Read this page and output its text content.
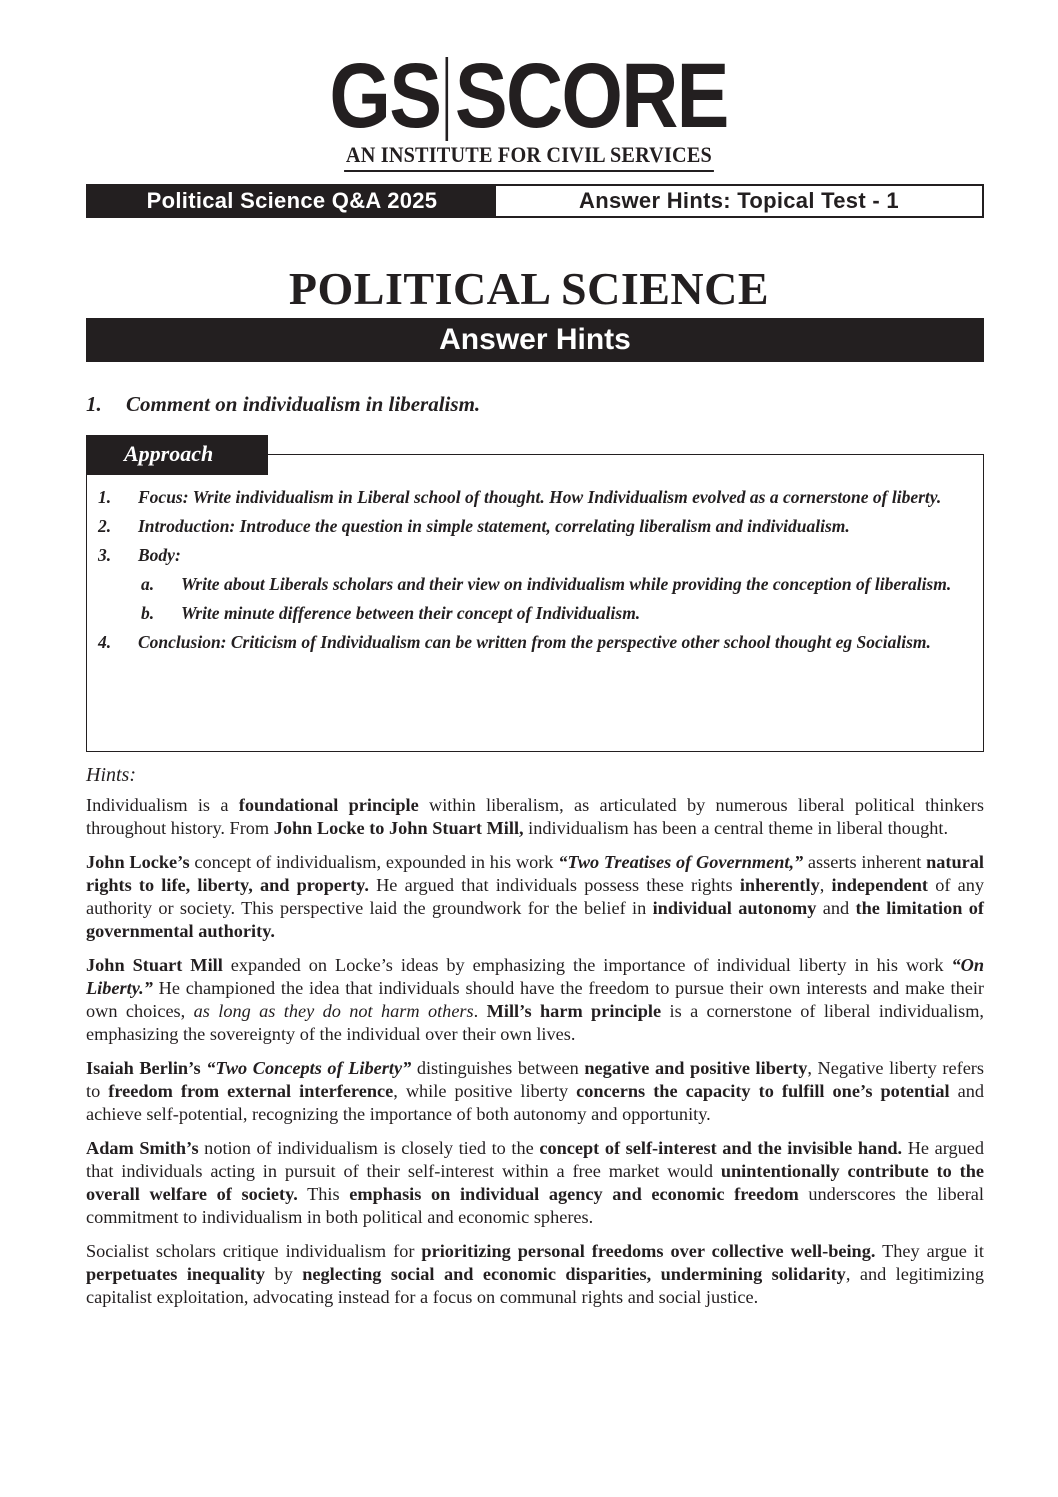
GS SCORE
AN INSTITUTE FOR CIVIL SERVICES
Political Science Q&A 2025	Answer Hints: Topical Test - 1
POLITICAL SCIENCE
Answer Hints
1. Comment on individualism in liberalism.
Approach
1.	Focus: Write individualism in Liberal school of thought. How Individualism evolved as a cornerstone of liberty.
2.	Introduction: Introduce the question in simple statement, correlating liberalism and individualism.
3.	Body:
a.	Write about Liberals scholars and their view on individualism while providing the conception of liberalism.
b.	Write minute difference between their concept of Individualism.
4.	Conclusion: Criticism of Individualism can be written from the perspective other school thought eg Socialism.
Hints:

Individualism is a foundational principle within liberalism, as articulated by numerous liberal political thinkers throughout history. From John Locke to John Stuart Mill, individualism has been a central theme in liberal thought.

John Locke’s concept of individualism, expounded in his work “Two Treatises of Government,” asserts inherent natural rights to life, liberty, and property. He argued that individuals possess these rights inherently, independent of any authority or society. This perspective laid the groundwork for the belief in individual autonomy and the limitation of governmental authority.

John Stuart Mill expanded on Locke’s ideas by emphasizing the importance of individual liberty in his work “On Liberty.” He championed the idea that individuals should have the freedom to pursue their own interests and make their own choices, as long as they do not harm others. Mill’s harm principle is a cornerstone of liberal individualism, emphasizing the sovereignty of the individual over their own lives.

Isaiah Berlin’s “Two Concepts of Liberty” distinguishes between negative and positive liberty, Negative liberty refers to freedom from external interference, while positive liberty concerns the capacity to fulfill one’s potential and achieve self-potential, recognizing the importance of both autonomy and opportunity.

Adam Smith’s notion of individualism is closely tied to the concept of self-interest and the invisible hand. He argued that individuals acting in pursuit of their self-interest within a free market would unintentionally contribute to the overall welfare of society. This emphasis on individual agency and economic freedom underscores the liberal commitment to individualism in both political and economic spheres.

Socialist scholars critique individualism for prioritizing personal freedoms over collective well-being. They argue it perpetuates inequality by neglecting social and economic disparities, undermining solidarity, and legitimizing capitalist exploitation, advocating instead for a focus on communal rights and social justice.
